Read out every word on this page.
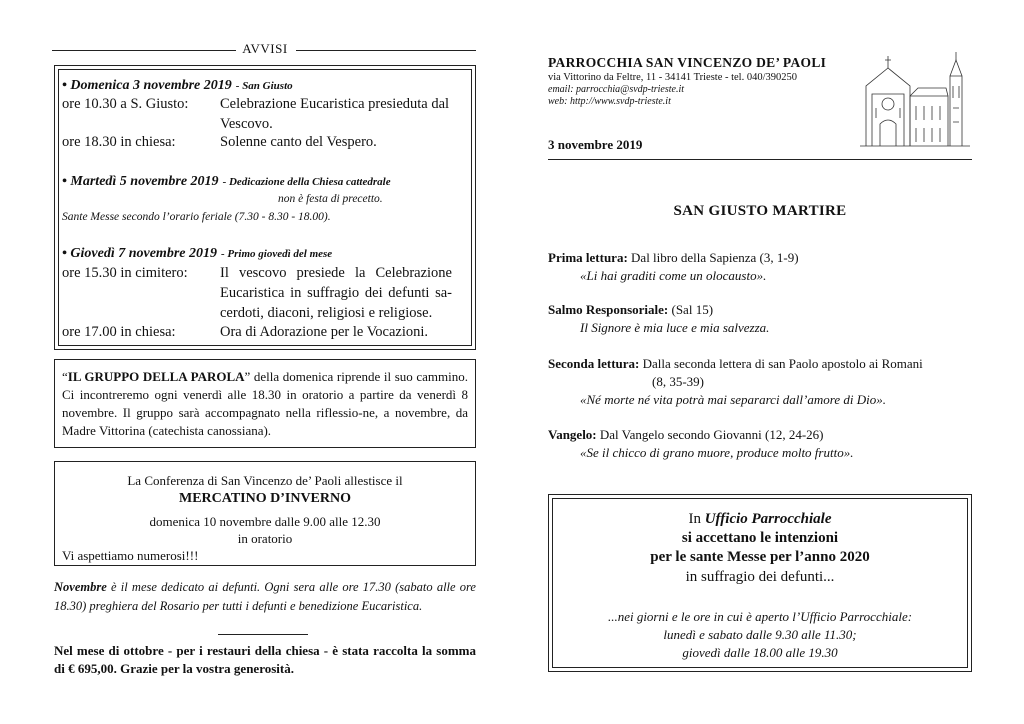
AVVISI
• Domenica 3 novembre 2019 - San Giusto
ore 10.30 a S. Giusto: Celebrazione Eucaristica presieduta dal Vescovo.
ore 18.30 in chiesa:	Solenne canto del Vespero.
• Martedì 5 novembre 2019 - Dedicazione della Chiesa cattedrale
non è festa di precetto.
Sante Messe secondo l’orario feriale (7.30 - 8.30 - 18.00).
• Giovedì 7 novembre 2019 - Primo giovedì del mese
ore 15.30 in cimitero: Il vescovo presiede la Celebrazione Eucaristica in suffragio dei defunti sa-cerdoti, diaconi, religiosi e religiose.
ore 17.00 in chiesa:	Ora di Adorazione per le Vocazioni.
“IL GRUPPO DELLA PAROLA” della domenica riprende il suo cammino. Ci incontreremo ogni venerdì alle 18.30 in oratorio a partire da venerdì 8 novembre. Il gruppo sarà accompagnato nella riflessio-ne, a novembre, da Madre Vittorina (catechista canossiana).
La Conferenza di San Vincenzo de’ Paoli allestisce il
MERCATINO D’INVERNO
domenica 10 novembre dalle 9.00 alle 12.30
in oratorio
Vi aspettiamo numerosi!!!
Novembre è il mese dedicato ai defunti. Ogni sera alle ore 17.30 (sabato alle ore 18.30) preghiera del Rosario per tutti i defunti e benedizione Eucaristica.
Nel mese di ottobre - per i restauri della chiesa - è stata raccolta la somma di € 695,00. Grazie per la vostra generosità.
PARROCCHIA SAN VINCENZO DE’ PAOLI
via Vittorino da Feltre, 11 - 34141 Trieste - tel. 040/390250
email: parrocchia@svdp-trieste.it
web: http://www.svdp-trieste.it
3 novembre 2019
SAN GIUSTO MARTIRE
Prima lettura: Dal libro della Sapienza (3, 1-9)
«Li hai graditi come un olocausto».
Salmo Responsoriale: (Sal 15)
Il Signore è mia luce e mia salvezza.
Seconda lettura: Dalla seconda lettera di san Paolo apostolo ai Romani
(8, 35-39)
«Né morte né vita potrà mai separarci dall’amore di Dio».
Vangelo: Dal Vangelo secondo Giovanni (12, 24-26)
«Se il chicco di grano muore, produce molto frutto».
In Ufficio Parrocchiale
si accettano le intenzioni
per le sante Messe per l’anno 2020
in suffragio dei defunti...
...nei giorni e le ore in cui è aperto l’Ufficio Parrocchiale:
lunedì e sabato dalle 9.30 alle 11.30;
giovedì dalle 18.00 alle 19.30
